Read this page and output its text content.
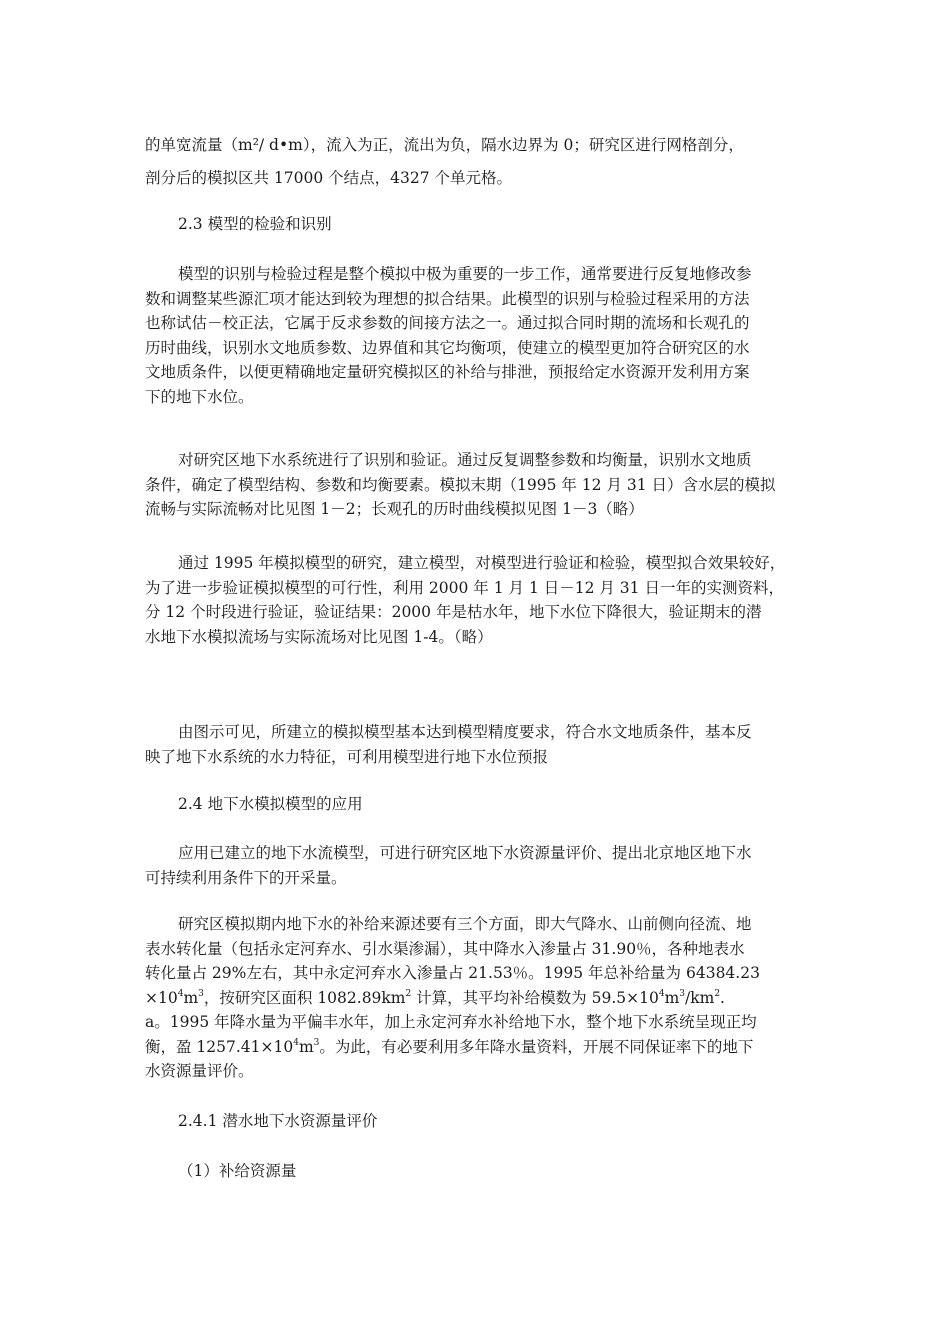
的单宽流量（m²/ d•m），流入为正，流出为负，隔水边界为 0；研究区进行网格剖分，

剖分后的模拟区共 17000 个结点，4327 个单元格。

2.3 模型的检验和识别

模型的识别与检验过程是整个模拟中极为重要的一步工作，通常要进行反复地修改参

数和调整某些源汇项才能达到较为理想的拟合结果。此模型的识别与检验过程采用的方法

也称试估－校正法，它属于反求参数的间接方法之一。通过拟合同时期的流场和长观孔的

历时曲线，识别水文地质参数、边界值和其它均衡项，使建立的模型更加符合研究区的水

文地质条件，以便更精确地定量研究模拟区的补给与排泄，预报给定水资源开发利用方案

下的地下水位。

对研究区地下水系统进行了识别和验证。通过反复调整参数和均衡量，识别水文地质

条件，确定了模型结构、参数和均衡要素。模拟末期（1995 年 12 月 31 日）含水层的模拟

流畅与实际流畅对比见图 1－2；长观孔的历时曲线模拟见图 1－3（略）

通过 1995 年模拟模型的研究，建立模型，对模型进行验证和检验，模型拟合效果较好，

为了进一步验证模拟模型的可行性，利用 2000 年 1 月 1 日－12 月 31 日一年的实测资料，

分 12 个时段进行验证，验证结果：2000 年是枯水年，地下水位下降很大，验证期末的潜

水地下水模拟流场与实际流场对比见图 1-4。（略）

由图示可见，所建立的模拟模型基本达到模型精度要求，符合水文地质条件，基本反

映了地下水系统的水力特征，可利用模型进行地下水位预报

2.4 地下水模拟模型的应用

应用已建立的地下水流模型，可进行研究区地下水资源量评价、提出北京地区地下水

可持续利用条件下的开采量。

研究区模拟期内地下水的补给来源述要有三个方面，即大气降水、山前侧向径流、地

表水转化量（包括永定河弃水、引水渠渗漏），其中降水入渗量占 31.90％，各种地表水

转化量占 29%左右，其中永定河弃水入渗量占 21.53％。1995 年总补给量为 64384.23

$\times 10^4m^3$，按研究区面积 $1082.89km^2$ 计算，其平均补给模数为 $59.5\times 10^4m^3/km^2$.

a。1995 年降水量为平偏丰水年，加上永定河弃水补给地下水，整个地下水系统呈现正均

衡，盈 $1257.41\times 10^4m^3$。为此，有必要利用多年降水量资料，开展不同保证率下的地下

水资源量评价。

2.4.1 潜水地下水资源量评价
（1）补给资源量
